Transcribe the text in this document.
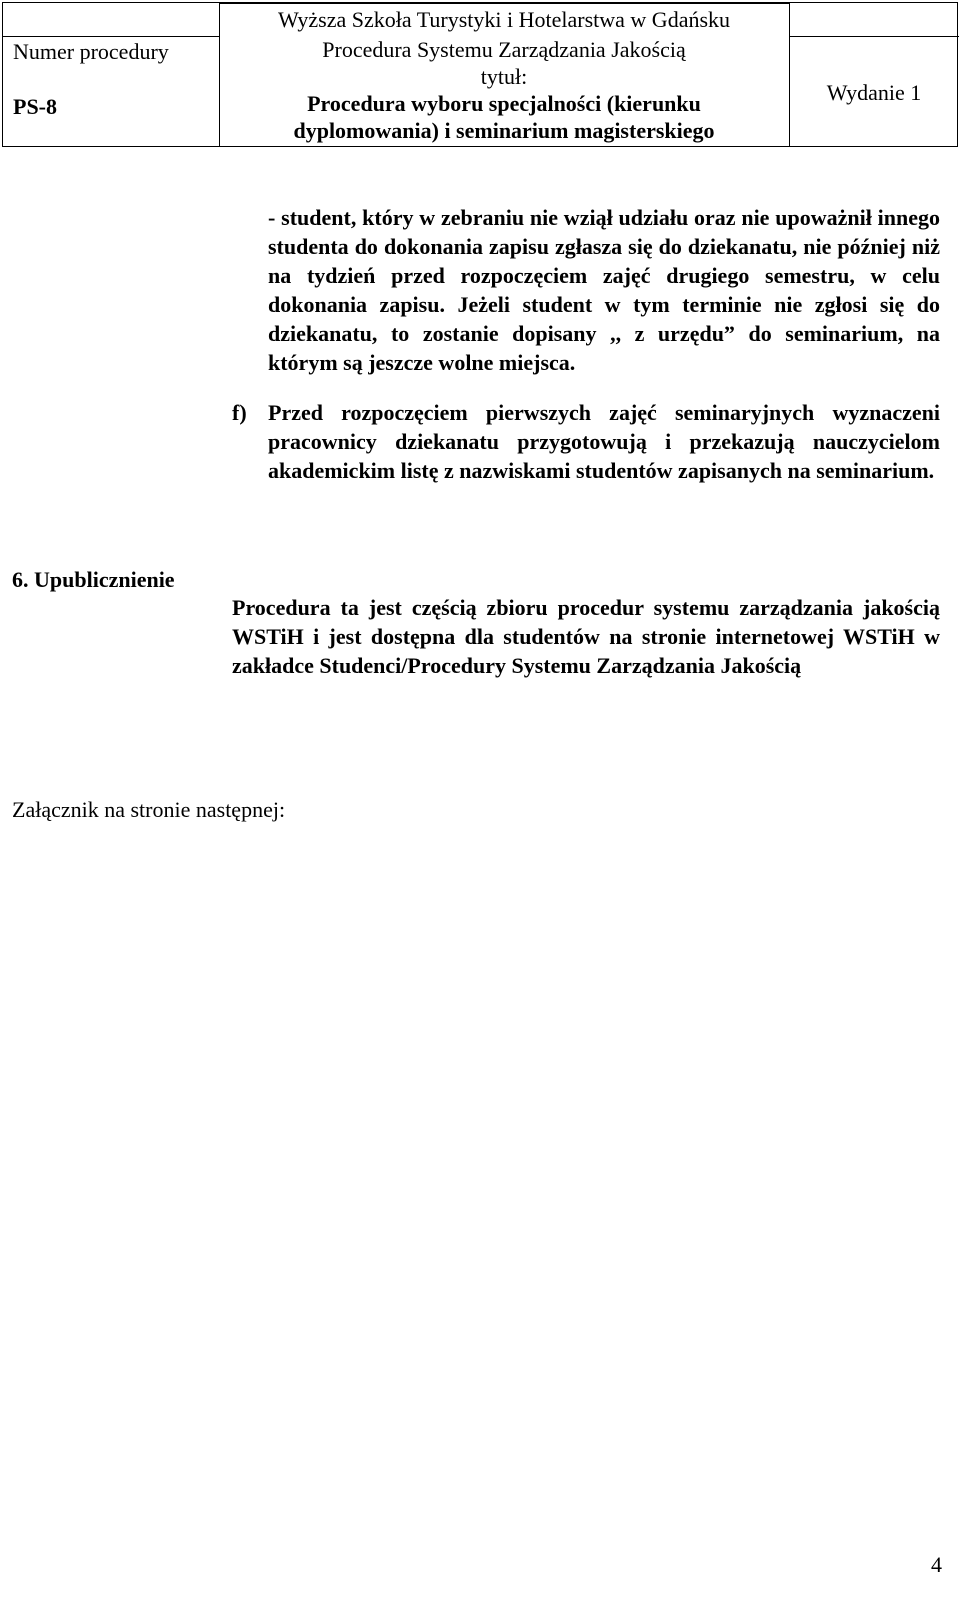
Wyższa Szkoła Turystyki i Hotelarstwa w Gdańsku
Numer procedury
PS-8
Procedura Systemu Zarządzania Jakością
tytuł:
Procedura wyboru specjalności (kierunku
dyplomowania) i seminarium magisterskiego
Wydanie 1
- student, który w zebraniu nie wziął udziału oraz nie upoważnił innego studenta do dokonania zapisu zgłasza się do dziekanatu, nie później niż na tydzień przed rozpoczęciem zajęć drugiego semestru, w celu dokonania zapisu. Jeżeli student w tym terminie nie zgłosi się do dziekanatu, to zostanie dopisany ,, z urzędu” do seminarium, na którym są jeszcze wolne miejsca.
f) Przed rozpoczęciem pierwszych zajęć seminaryjnych wyznaczeni pracownicy dziekanatu przygotowują i przekazują nauczycielom akademickim listę z nazwiskami studentów zapisanych na seminarium.
6. Upublicznienie
Procedura ta jest częścią zbioru procedur systemu zarządzania jakością WSTiH i jest dostępna dla studentów na stronie internetowej WSTiH w zakładce Studenci/Procedury Systemu Zarządzania Jakością
Załącznik na stronie następnej:
4
